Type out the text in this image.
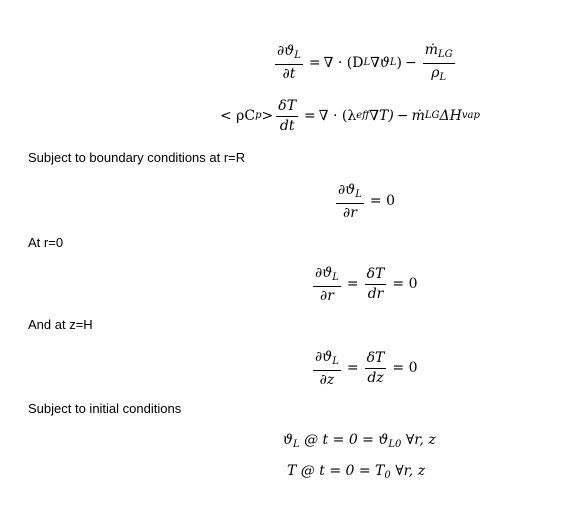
$\frac{\partial ϑ_L}{\partial t}$ = ∇ · (D L ∇ϑ L ) − $\frac{ṁ_{LG}}{\rho_L}$
< ρC $p > \frac{\delta T}{dt}$ = ∇ · (λ eff ∇T) − ṁ LG ΔH vap
Subject to boundary conditions at r=R
$\frac{\partial ϑ_L}{\partial r} = 0$
At r=0
$\frac{\partial ϑ_L}{\partial r} = \frac{\delta T}{dr} = 0$
And at z=H
$\frac{\partial ϑ_L}{\partial z} = \frac{\delta T}{dz} = 0$
Subject to initial conditions
$ϑ_L$ @ $t = 0 = ϑ_{L0}$ ∀r, z
T @ $t = 0 = T_0$ ∀r, z
